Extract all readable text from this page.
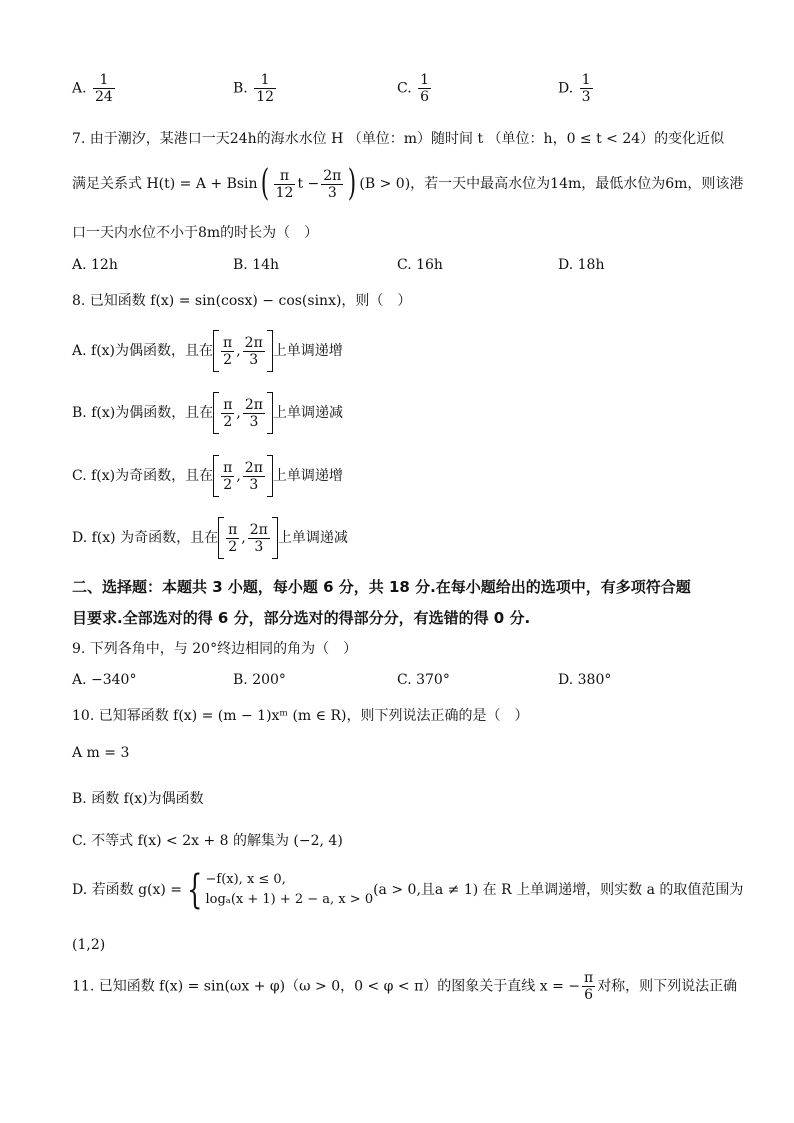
A. $\frac{1}{24}$	B. $\frac{1}{12}$	C. $\frac{1}{6}$	D. $\frac{1}{3}$
7. 由于潮汐，某港口一天24h的海水水位 H （单位：m）随时间 t （单位：h，0 ≤ t < 24）的变化近似
满足关系式 $H(t) = A + Bsin( \frac{\pi}{12}$ $t - \frac{2\pi}{3}$ ) (B > 0)，若一天中最高水位为14m，最低水位为6m，则该港
口一天内水位不小于8m的时长为（　）
A. 12h	B. 14h	C. 16h	D. 18h
8. 已知函数 f(x) = sin(cosx) − cos(sinx)，则（　）
A. f(x)为偶函数，且在 $\frac{\pi}{2}$ , $\frac{2\pi}{3}$ 上单调递增
B. f(x)为偶函数，且在 $\frac{\pi}{2}$ , $\frac{2\pi}{3}$ 上单调递减
C. f(x)为奇函数，且在 $\frac{\pi}{2}$ , $\frac{2\pi}{3}$ 上单调递增
D. f(x) 为奇函数，且在 $\frac{\pi}{2}$ , $\frac{2\pi}{3}$ 上单调递减
二、选择题：本题共 3 小题，每小题 6 分，共 18 分.在每小题给出的选项中，有多项符合题
目要求.全部选对的得 6 分，部分选对的得部分分，有选错的得 0 分.
9. 下列各角中，与 20°终边相同的角为（　）
A. −340°	B. 200°	C. 370°	D. 380°
10. 已知幂函数 f(x) = (m − 1)xᵐ (m ∈ R)，则下列说法正确的是（　）
A m = 3
B. 函数 f(x)为偶函数
C. 不等式 f(x) < 2x + 8 的解集为 (−2, 4)
D. 若函数 g(x) = { −f(x), x ≤ 0,
logₐ(x + 1) + 2 − a, x > 0
(a > 0,且a ≠ 1) 在 R 上单调递增，则实数 a 的取值范围为
(1,2)
11. 已知函数 f(x) = sin(ωx + φ)（ω > 0，0 < φ < π）的图象关于直线 x = − $\frac{\pi}{6}$ 对称，则下列说法正确
